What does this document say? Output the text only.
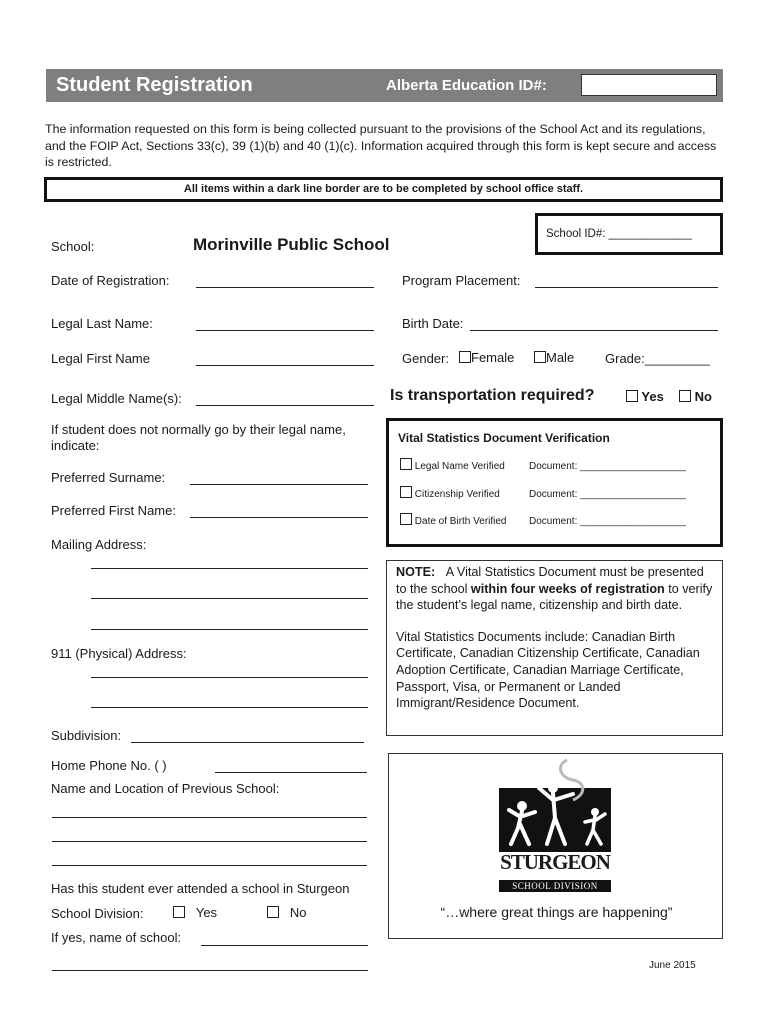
Student Registration	Alberta Education ID#:
The information requested on this form is being collected pursuant to the provisions of the School Act and its regulations, and the FOIP Act, Sections 33(c), 39 (1)(b) and 40 (1)(c). Information acquired through this form is kept secure and access is restricted.
All items within a dark line border are to be completed by school office staff.
School ID#: _____________
School:	Morinville Public School
Date of Registration:	Program Placement:
Legal Last Name:	Birth Date:
Legal First Name	Gender:	Female	Male Grade:_________
Legal Middle Name(s):	Is transportation required?	Yes	No
If student does not normally go by their legal name, indicate:
Preferred Surname:
Preferred First Name:
Vital Statistics Document Verification
Legal Name Verified Document: ___________________
Citizenship Verified	Document: ___________________
Date of Birth Verified Document: ___________________
Mailing Address:

NOTE: A Vital Statistics Document must be presented to the school within four weeks of registration to verify the student’s legal name, citizenship and birth date.

Vital Statistics Documents include: Canadian Birth Certificate, Canadian Citizenship Certificate, Canadian Adoption Certificate, Canadian Marriage Certificate, Passport, Visa, or Permanent or Landed Immigrant/Residence Document.

911 (Physical) Address:
Subdivision:
Home Phone No. ( )
Name and Location of Previous School:
Has this student ever attended a school in Sturgeon
School Division:	Yes	No
If yes, name of school:
STURGEON
SCHOOL DIVISION
“…where great things are happening”
June 2015
